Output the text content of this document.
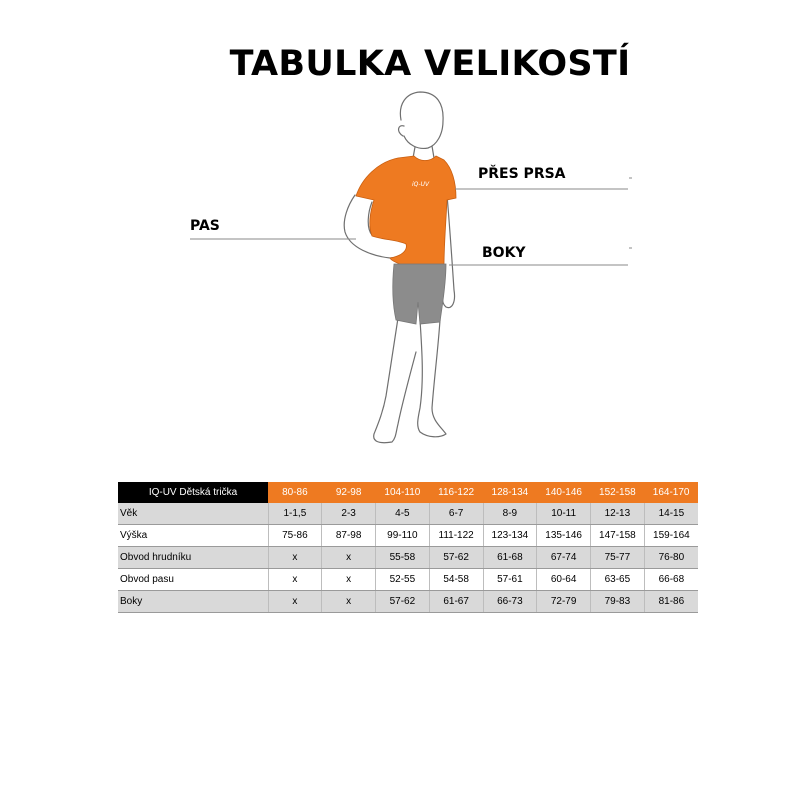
TABULKA VELIKOSTÍ
iQ-UV
PŘES PRSA
PAS
BOKY
IQ-UV Dětská trička	80-86	92-98	104-110	116-122	128-134	140-146	152-158	164-170
Věk	1-1,5	2-3	4-5	6-7	8-9	10-11	12-13	14-15
Výška	75-86	87-98	99-110	111-122	123-134	135-146	147-158	159-164
Obvod hrudníku	x	x	55-58	57-62	61-68	67-74	75-77	76-80
Obvod pasu	x	x	52-55	54-58	57-61	60-64	63-65	66-68
Boky	x	x	57-62	61-67	66-73	72-79	79-83	81-86
